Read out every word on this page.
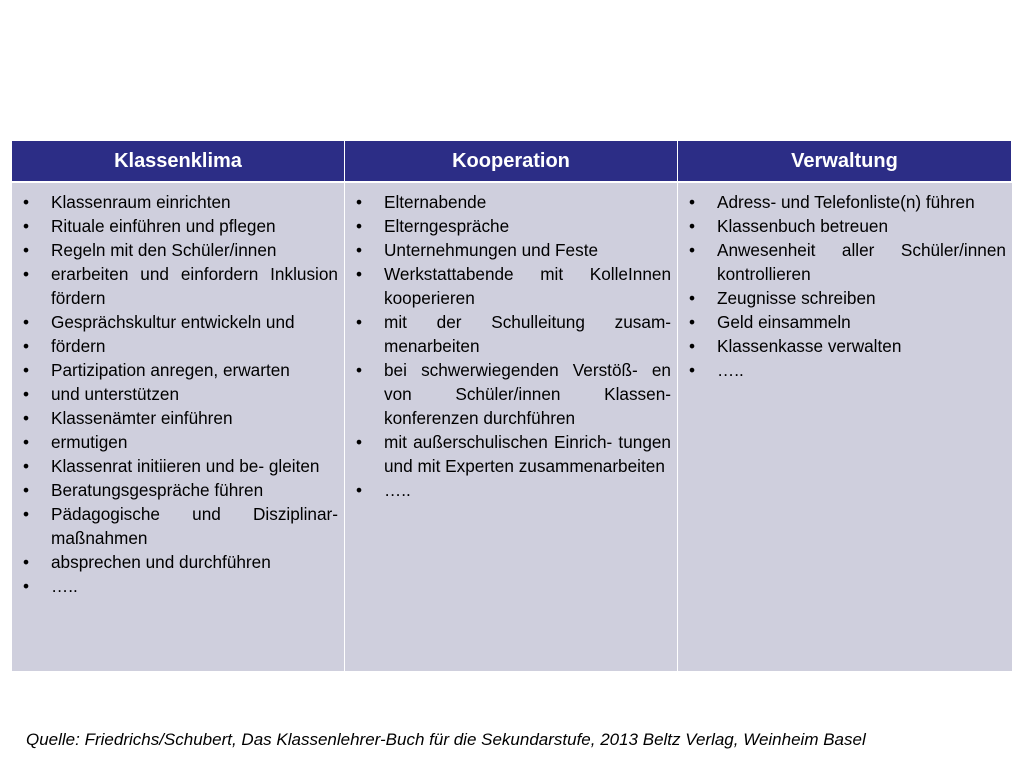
Klassenklima	Kooperation	Verwaltung
• Klassenraum einrichten
• Rituale einführen und pflegen
• Regeln mit den Schüler/innen
• erarbeiten und einfordern Inklusion fördern
• Gesprächskultur entwickeln und
• fördern
• Partizipation anregen, erwarten
• und unterstützen
• Klassenämter einführen
• ermutigen
• Klassenrat initiieren und be- gleiten
• Beratungsgespräche führen
• Pädagogische und Disziplinar- maßnahmen
• absprechen und durchführen
• …..
• Elternabende
• Elterngespräche
• Unternehmungen und Feste
• Werkstattabende mit KolleInnen kooperieren
• mit der Schulleitung zusam- menarbeiten
• bei schwerwiegenden Verstöß- en von Schüler/innen Klassen- konferenzen durchführen
• mit außerschulischen Einrich- tungen und mit Experten zusammenarbeiten
• …..
• Adress- und Telefonliste(n) führen
• Klassenbuch betreuen
• Anwesenheit aller Schüler/innen kontrollieren
• Zeugnisse schreiben
• Geld einsammeln
• Klassenkasse verwalten
• …..
Quelle: Friedrichs/Schubert, Das Klassenlehrer-Buch für die Sekundarstufe, 2013 Beltz Verlag, Weinheim Basel
